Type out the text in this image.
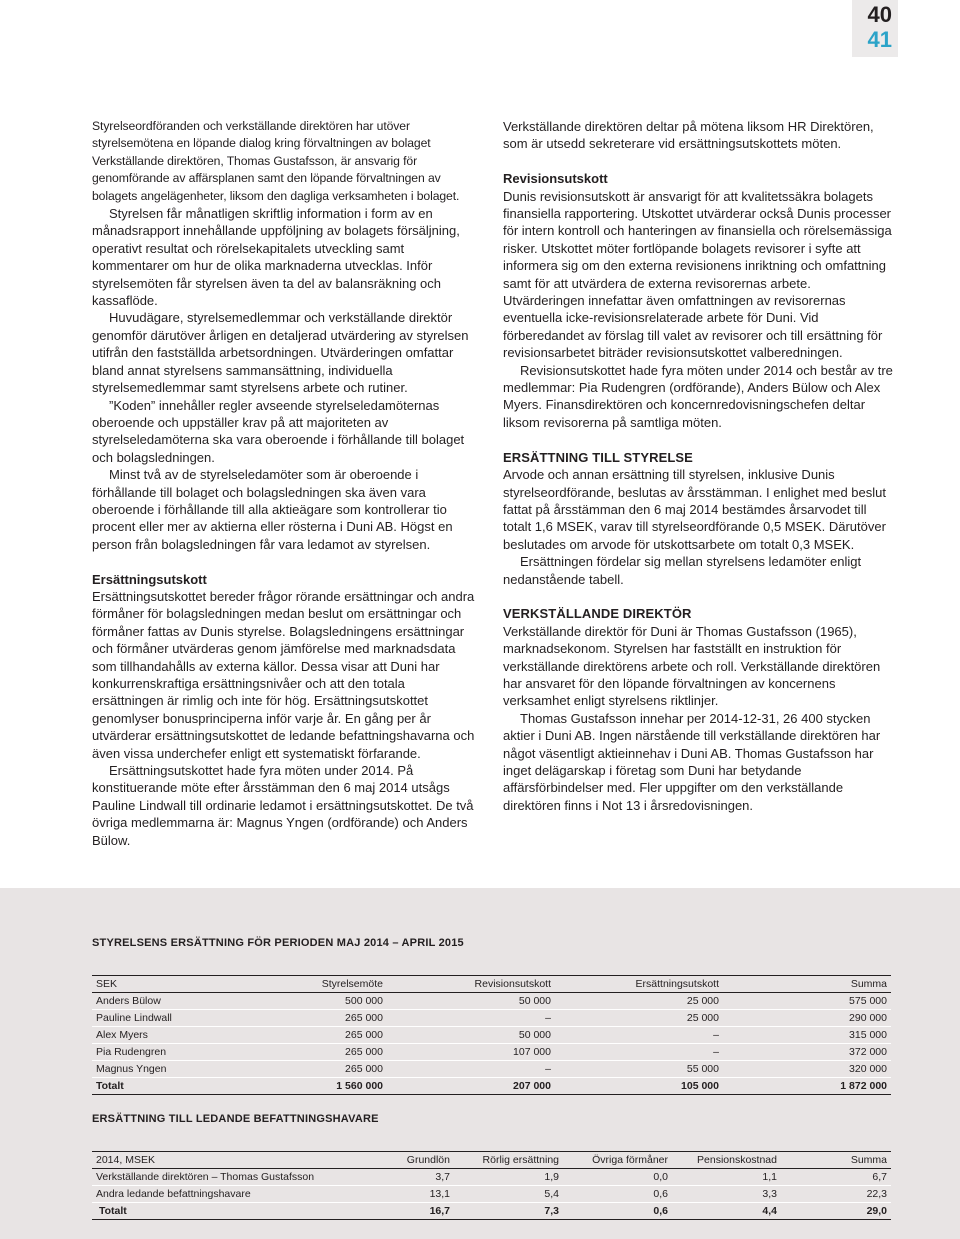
40
41

Styrelseordföranden och verkställande direktören har utöver styrelsemötena en löpande dialog kring förvaltningen av bolaget Verkställande direktören, Thomas Gustafsson, är ansvarig för genomförande av affärsplanen samt den löpande förvaltningen av bolagets angelägenheter, liksom den dagliga verksamheten i bolaget.

Styrelsen får månatligen skriftlig information i form av en månadsrapport innehållande uppföljning av bolagets försäljning, operativt resultat och rörelsekapitalets utveckling samt kommentarer om hur de olika marknaderna utvecklas. Inför styrelsemöten får styrelsen även ta del av balansräkning och kassaflöde.

Huvudägare, styrelsemedlemmar och verkställande direktör genomför därutöver årligen en detaljerad utvärdering av styrelsen utifrån den fastställda arbetsordningen. Utvärderingen omfattar bland annat styrelsens sammansättning, individuella styrelsemedlemmar samt styrelsens arbete och rutiner.

”Koden” innehåller regler avseende styrelseledamöternas oberoende och uppställer krav på att majoriteten av styrelseledamöterna ska vara oberoende i förhållande till bolaget och bolagsledningen.

Minst två av de styrelseledamöter som är oberoende i förhållande till bolaget och bolagsledningen ska även vara oberoende i förhållande till alla aktieägare som kontrollerar tio procent eller mer av aktierna eller rösterna i Duni AB. Högst en person från bolagsledningen får vara ledamot av styrelsen.

Ersättningsutskott

Ersättningsutskottet bereder frågor rörande ersättningar och andra förmåner för bolagsledningen medan beslut om ersättningar och förmåner fattas av Dunis styrelse. Bolagsledningens ersättningar och förmåner utvärderas genom jämförelse med marknadsdata som tillhandahålls av externa källor. Dessa visar att Duni har konkurrenskraftiga ersättningsnivåer och att den totala ersättningen är rimlig och inte för hög. Ersättningsutskottet genomlyser bonusprinciperna inför varje år. En gång per år utvärderar ersättningsutskottet de ledande befattningshavarna och även vissa underchefer enligt ett systematiskt förfarande.

Ersättningsutskottet hade fyra möten under 2014. På konstituerande möte efter årsstämman den 6 maj 2014 utsågs Pauline Lindwall till ordinarie ledamot i ersättningsutskottet. De två övriga medlemmarna är: Magnus Yngen (ordförande) och Anders Bülow.

Verkställande direktören deltar på mötena liksom HR Direktören, som är utsedd sekreterare vid ersättningsutskottets möten.

Revisionsutskott

Dunis revisionsutskott är ansvarigt för att kvalitetssäkra bolagets finansiella rapportering. Utskottet utvärderar också Dunis processer för intern kontroll och hanteringen av finansiella och rörelsemässiga risker. Utskottet möter fortlöpande bolagets revisorer i syfte att informera sig om den externa revisionens inriktning och omfattning samt för att utvärdera de externa revisorernas arbete. Utvärderingen innefattar även omfattningen av revisorernas eventuella icke-revisionsrelaterade arbete för Duni. Vid förberedandet av förslag till valet av revisorer och till ersättning för revisionsarbetet biträder revisionsutskottet valberedningen.

Revisionsutskottet hade fyra möten under 2014 och består av tre medlemmar: Pia Rudengren (ordförande), Anders Bülow och Alex Myers. Finansdirektören och koncernredovisningschefen deltar liksom revisorerna på samtliga möten.

ERSÄTTNING TILL STYRELSE

Arvode och annan ersättning till styrelsen, inklusive Dunis styrelseordförande, beslutas av årsstämman. I enlighet med beslut fattat på årsstämman den 6 maj 2014 bestämdes årsarvodet till totalt 1,6 MSEK, varav till styrelseordförande 0,5 MSEK. Därutöver beslutades om arvode för utskottsarbete om totalt 0,3 MSEK.

Ersättningen fördelar sig mellan styrelsens ledamöter enligt nedanstående tabell.

VERKSTÄLLANDE DIREKTÖR

Verkställande direktör för Duni är Thomas Gustafsson (1965), marknadsekonom. Styrelsen har fastställt en instruktion för verkställande direktörens arbete och roll. Verkställande direktören har ansvaret för den löpande förvaltningen av koncernens verksamhet enligt styrelsens riktlinjer.

Thomas Gustafsson innehar per 2014-12-31, 26 400 stycken aktier i Duni AB. Ingen närstående till verkställande direktören har något väsentligt aktieinnehav i Duni AB. Thomas Gustafsson har inget delägarskap i företag som Duni har betydande affärsförbindelser med. Fler uppgifter om den verkställande direktören finns i Not 13 i årsredovisningen.

STYRELSENS ERSÄTTNING FÖR PERIODEN MAJ 2014 – APRIL 2015
SEK	Styrelsemöte	Revisionsutskott	Ersättningsutskott	Summa
Anders Bülow	500 000	50 000	25 000	575 000
Pauline Lindwall	265 000	–	25 000	290 000
Alex Myers	265 000	50 000	–	315 000
Pia Rudengren	265 000	107 000	–	372 000
Magnus Yngen	265 000	–	55 000	320 000
Totalt	1 560 000	207 000	105 000	1 872 000
ERSÄTTNING TILL LEDANDE BEFATTNINGSHAVARE
2014, MSEK	Grundlön	Rörlig ersättning	Övriga förmåner	Pensionskostnad	Summa
Verkställande direktören – Thomas Gustafsson	3,7	1,9	0,0	1,1	6,7
Andra ledande befattningshavare	13,1	5,4	0,6	3,3	22,3
Totalt	16,7	7,3	0,6	4,4	29,0
